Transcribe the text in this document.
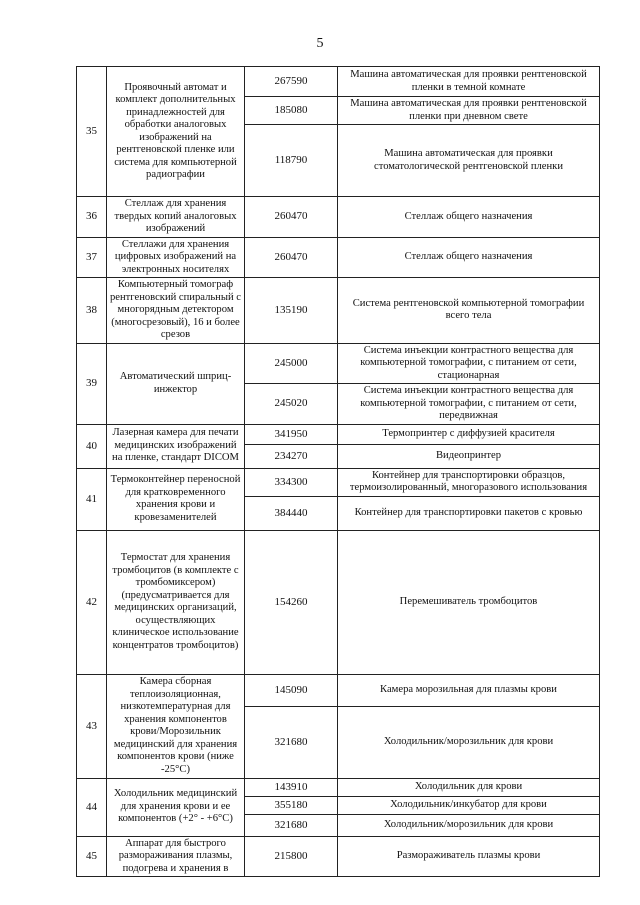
5
35	Проявочный автомат и комплект дополнительных принадлежностей для обработки аналоговых изображений на рентгеновской пленке или система для компьютерной радиографии	267590	Машина автоматическая для проявки рентгеновской пленки в темной комнате
		185080	Машина автоматическая для проявки рентгеновской пленки при дневном свете
		118790	Машина автоматическая для проявки стоматологической рентгеновской пленки
36	Стеллаж для хранения твердых копий аналоговых изображений	260470	Стеллаж общего назначения
37	Стеллажи для хранения цифровых изображений на электронных носителях	260470	Стеллаж общего назначения
38	Компьютерный томограф рентгеновский спиральный с многорядным детектором (многосрезовый), 16 и более срезов	135190	Система рентгеновской компьютерной томографии всего тела
39	Автоматический шприц-инжектор	245000	Система инъекции контрастного вещества для компьютерной томографии, с питанием от сети, стационарная
		245020	Система инъекции контрастного вещества для компьютерной томографии, с питанием от сети, передвижная
40	Лазерная камера для печати медицинских изображений на пленке, стандарт DICOM	341950	Термопринтер с диффузией красителя
		234270	Видеопринтер
41	Термоконтейнер переносной для кратковременного хранения крови и кровезаменителей	334300	Контейнер для транспортировки образцов, термоизолированный, многоразового использования
		384440	Контейнер для транспортировки пакетов с кровью
42	Термостат для хранения тромбоцитов (в комплекте с тромбомиксером) (предусматривается для медицинских организаций, осуществляющих клиническое использование концентратов тромбоцитов)	154260	Перемешиватель тромбоцитов
43	Камера сборная теплоизоляционная, низкотемпературная для хранения компонентов крови/Морозильник медицинский для хранения компонентов крови (ниже -25°С)	145090	Камера морозильная для плазмы крови
		321680	Холодильник/морозильник для крови
44	Холодильник медицинский для хранения крови и ее компонентов (+2° - +6°С)	143910	Холодильник для крови
		355180	Холодильник/инкубатор для крови
		321680	Холодильник/морозильник для крови
45	Аппарат для быстрого размораживания плазмы, подогрева и хранения в	215800	Размораживатель плазмы крови
